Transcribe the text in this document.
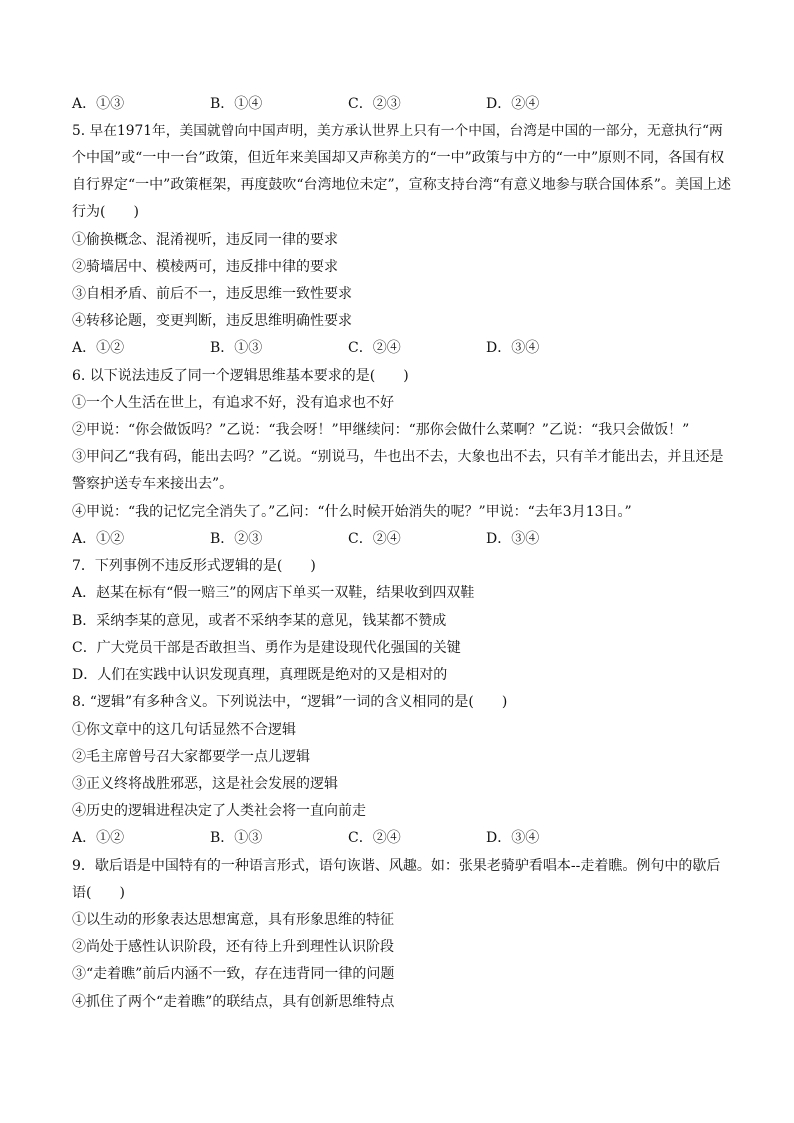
A．①③	B．①④	C．②③	D．②④
5. 早在1971年，美国就曾向中国声明，美方承认世界上只有一个中国，台湾是中国的一部分，无意执行“两
个中国”或“一中一台”政策，但近年来美国却又声称美方的“一中”政策与中方的“一中”原则不同，各国有权
自行界定“一中”政策框架，再度鼓吹“台湾地位未定”，宣称支持台湾“有意义地参与联合国体系”。美国上述
行为(　　)
①偷换概念、混淆视听，违反同一律的要求
②骑墙居中、模棱两可，违反排中律的要求
③自相矛盾、前后不一，违反思维一致性要求
④转移论题，变更判断，违反思维明确性要求
A．①②	B．①③	C．②④	D．③④
6. 以下说法违反了同一个逻辑思维基本要求的是(　　)
①一个人生活在世上，有追求不好，没有追求也不好
②甲说：“你会做饭吗？”乙说：“我会呀！”甲继续问：“那你会做什么菜啊？”乙说：“我只会做饭！”
③甲问乙“我有码，能出去吗？”乙说。“别说马，牛也出不去，大象也出不去，只有羊才能出去，并且还是
警察护送专车来接出去”。
④甲说：“我的记忆完全消失了。”乙问：“什么时候开始消失的呢？”甲说：“去年3月13日。”
A．①②	B．②③	C．②④	D．③④
7．下列事例不违反形式逻辑的是(　　)
A．赵某在标有“假一赔三”的网店下单买一双鞋，结果收到四双鞋
B．采纳李某的意见，或者不采纳李某的意见，钱某都不赞成
C．广大党员干部是否敢担当、勇作为是建设现代化强国的关键
D．人们在实践中认识发现真理，真理既是绝对的又是相对的
8. “逻辑”有多种含义。下列说法中，“逻辑”一词的含义相同的是(　　)
①你文章中的这几句话显然不合逻辑
②毛主席曾号召大家都要学一点儿逻辑
③正义终将战胜邪恶，这是社会发展的逻辑
④历史的逻辑进程决定了人类社会将一直向前走
A．①②	B．①③	C．②④	D．③④
9．歇后语是中国特有的一种语言形式，语句诙谐、风趣。如：张果老骑驴看唱本--走着瞧。例句中的歇后
语(　　)
①以生动的形象表达思想寓意，具有形象思维的特征
②尚处于感性认识阶段，还有待上升到理性认识阶段
③“走着瞧”前后内涵不一致，存在违背同一律的问题
④抓住了两个“走着瞧”的联结点，具有创新思维特点
